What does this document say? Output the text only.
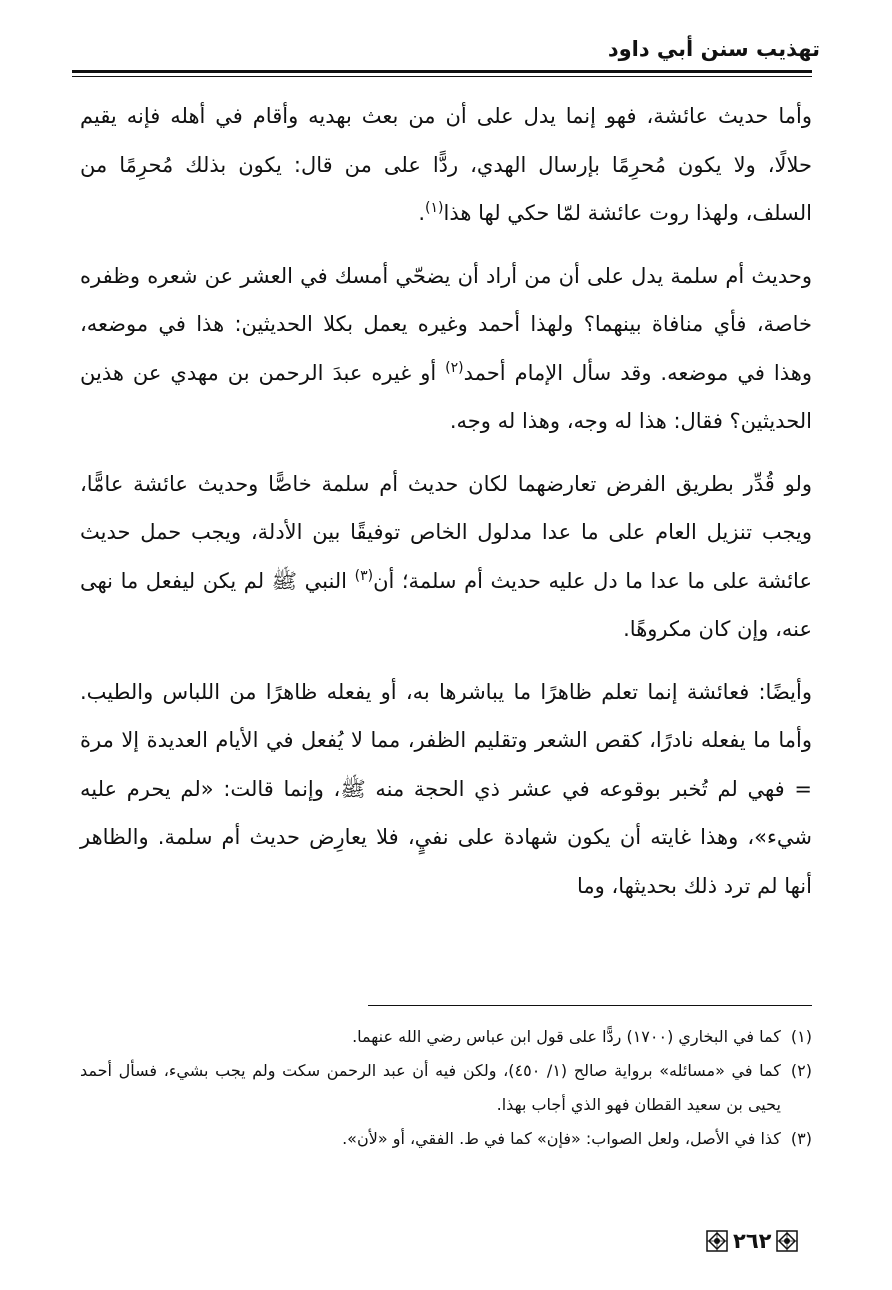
تهذيب سنن أبي داود

وأما حديث عائشة، فهو إنما يدل على أن من بعث بهديه وأقام في أهله فإنه يقيم حلالًا، ولا يكون مُحرِمًا بإرسال الهدي، ردًّا على من قال: يكون بذلك مُحرِمًا من السلف، ولهذا روت عائشة لمّا حكي لها هذا$^{(١)}$.

وحديث أم سلمة يدل على أن من أراد أن يضحّي أمسك في العشر عن شعره وظفره خاصة، فأي منافاة بينهما؟ ولهذا أحمد وغيره يعمل بكلا الحديثين: هذا في موضعه، وهذا في موضعه. وقد سأل الإمام أحمد$^{(٢)}$ أو غيره عبدَ الرحمن بن مهدي عن هذين الحديثين؟ فقال: هذا له وجه، وهذا له وجه.

ولو قُدِّر بطريق الفرض تعارضهما لكان حديث أم سلمة خاصًّا وحديث عائشة عامًّا، ويجب تنزيل العام على ما عدا مدلول الخاص توفيقًا بين الأدلة، ويجب حمل حديث عائشة على ما عدا ما دل عليه حديث أم سلمة؛ أن$^{(٣)}$ النبي ﷺ لم يكن ليفعل ما نهى عنه، وإن كان مكروهًا.

وأيضًا: فعائشة إنما تعلم ظاهرًا ما يباشرها به، أو يفعله ظاهرًا من اللباس والطيب. وأما ما يفعله نادرًا، كقص الشعر وتقليم الظفر، مما لا يُفعل في الأيام العديدة إلا مرة = فهي لم تُخبر بوقوعه في عشر ذي الحجة منه ﷺ، وإنما قالت: «لم يحرم عليه شيء»، وهذا غايته أن يكون شهادة على نفيٍ، فلا يعارِض حديث أم سلمة. والظاهر أنها لم ترد ذلك بحديثها، وما

(١)
كما في البخاري (١٧٠٠) ردًّا على قول ابن عباس رضي الله عنهما.
(٢)
كما في «مسائله» برواية صالح (١/ ٤٥٠)، ولكن فيه أن عبد الرحمن سكت ولم يجب بشيء، فسأل أحمد يحيى بن سعيد القطان فهو الذي أجاب بهذا.
(٣)
كذا في الأصل، ولعل الصواب: «فإن» كما في ط. الفقي، أو «لأن».
٢٦٢
